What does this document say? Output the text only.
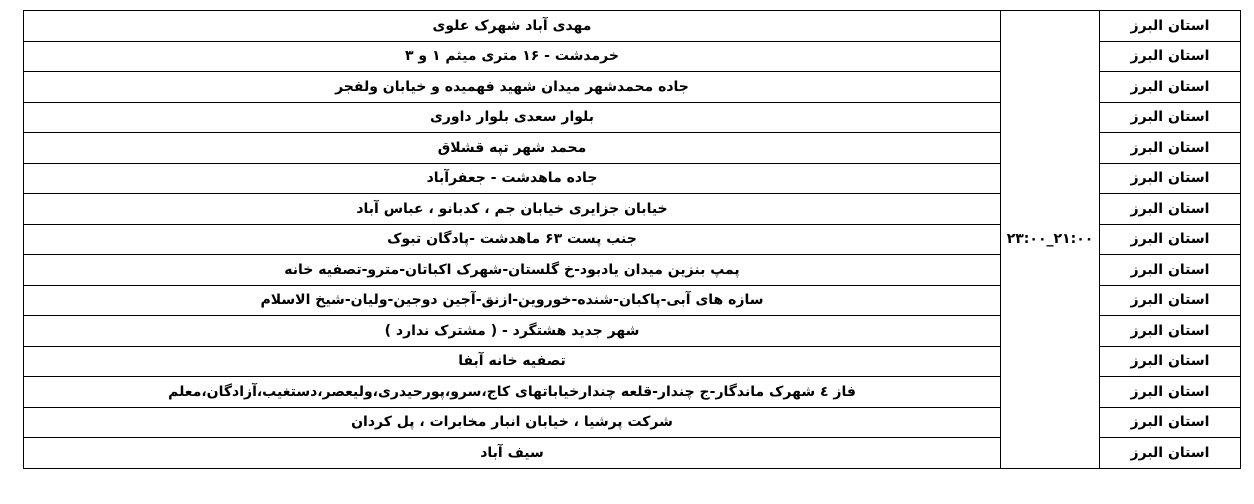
استان البرز	۲۱:۰۰_۲۳:۰۰	مهدی آباد شهرک علوی
استان البرز		خرمدشت - ۱۶ متری میثم ۱ و ۳
استان البرز		جاده محمدشهر میدان شهید فهمیده و خیابان ولفجر
استان البرز		بلوار سعدی بلوار داوری
استان البرز		محمد شهر تپه قشلاق
استان البرز		جاده ماهدشت - جعفرآباد
استان البرز		خیابان جزایری خیابان جم ، کدبانو ، عباس آباد
استان البرز		جنب پست ۶۳ ماهدشت -پادگان تبوک
استان البرز		پمپ بنزین میدان یادبود-خ گلستان-شهرک اکباتان-مترو-تصفیه خانه
استان البرز		سازه های آبی-پاکبان-شنده-خوروین-ازنق-آجین دوجین-ولیان-شیخ الاسلام
استان البرز		شهر جدید هشتگرد - ( مشترک ندارد )
استان البرز		تصفیه خانه آبفا
استان البرز		فاز ٤ شهرک ماندگار-ج چندار-قلعه چندارخیاباتهای کاج،سرو،پورحیدری،ولیعصر،دستغیب،آزادگان،معلم
استان البرز		شرکت پرشیا ، خیابان انبار مخابرات ، پل کردان
استان البرز		سیف آباد
